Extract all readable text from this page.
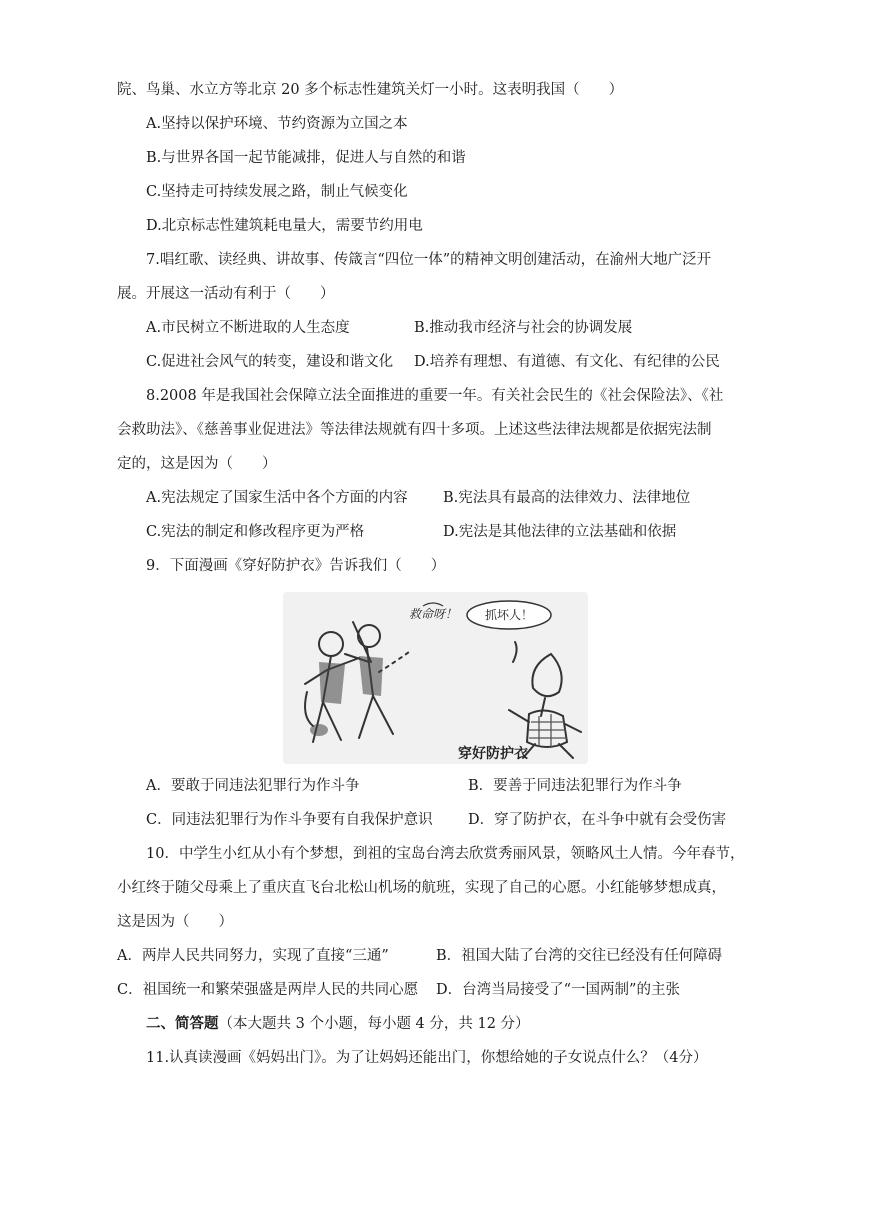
院、鸟巢、水立方等北京 20 多个标志性建筑关灯一小时。这表明我国（　　）
A.坚持以保护环境、节约资源为立国之本
B.与世界各国一起节能减排，促进人与自然的和谐
C.坚持走可持续发展之路，制止气候变化
D.北京标志性建筑耗电量大，需要节约用电
7.唱红歌、读经典、讲故事、传箴言“四位一体”的精神文明创建活动，在渝州大地广泛开
展。开展这一活动有利于（　　）
A.市民树立不断进取的人生态度	B.推动我市经济与社会的协调发展
C.促进社会风气的转变，建设和谐文化 D.培养有理想、有道德、有文化、有纪律的公民
8.2008 年是我国社会保障立法全面推进的重要一年。有关社会民生的《社会保险法》、《社
会救助法》、《慈善事业促进法》等法律法规就有四十多项。上述这些法律法规都是依据宪法制
定的，这是因为（　　）
A.宪法规定了国家生活中各个方面的内容 B.宪法具有最高的法律效力、法律地位
C.宪法的制定和修改程序更为严格	D.宪法是其他法律的立法基础和依据
9．下面漫画《穿好防护衣》告诉我们（　　）
救命呀！ 抓坏人！
穿好防护衣
A．要敢于同违法犯罪行为作斗争	B．要善于同违法犯罪行为作斗争
C．同违法犯罪行为作斗争要有自我保护意识 D．穿了防护衣，在斗争中就有会受伤害
10．中学生小红从小有个梦想，到祖的宝岛台湾去欣赏秀丽风景，领略风土人情。今年春节，
小红终于随父母乘上了重庆直飞台北松山机场的航班，实现了自己的心愿。小红能够梦想成真，
这是因为（　　）
A．两岸人民共同努力，实现了直接“三通”	B．祖国大陆了台湾的交往已经没有任何障碍
C．祖国统一和繁荣强盛是两岸人民的共同心愿 D．台湾当局接受了“一国两制”的主张
二、简答题（本大题共 3 个小题，每小题 4 分，共 12 分）
11.认真读漫画《妈妈出门》。为了让妈妈还能出门，你想给她的子女说点什么？（4分）
